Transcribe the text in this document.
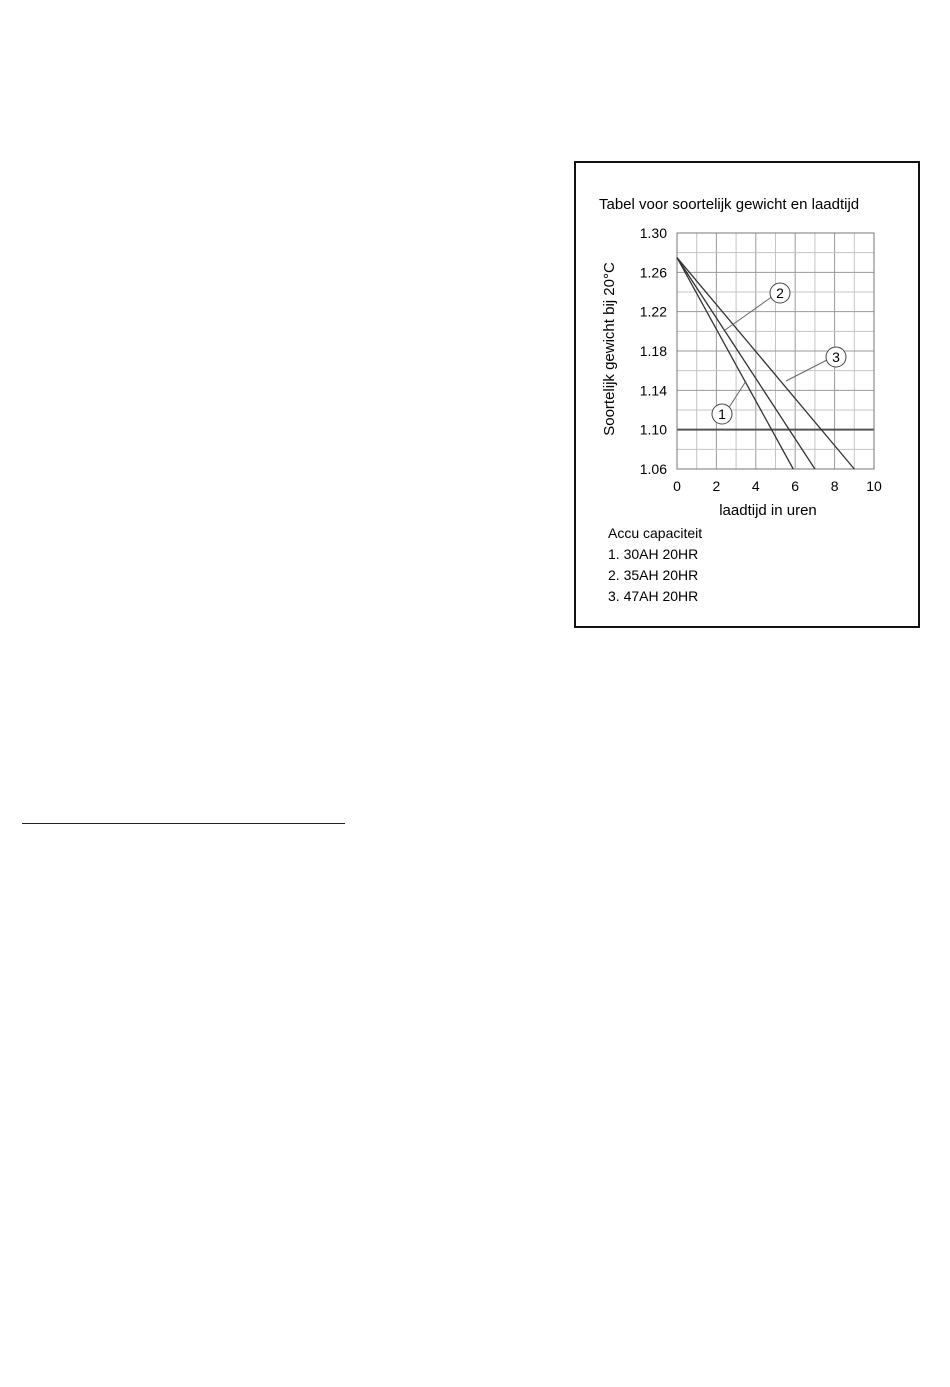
Tabel voor soortelijk gewicht en laadtijd
1.30
1.26
1.22
1.18
1.14
1.10
1.06
0 2 4 6 8 10
Soortelijk gewicht bij 20°C
laadtijd in uren
2
3
1
Accu capaciteit
1. 30AH 20HR
2. 35AH 20HR
3. 47AH 20HR
